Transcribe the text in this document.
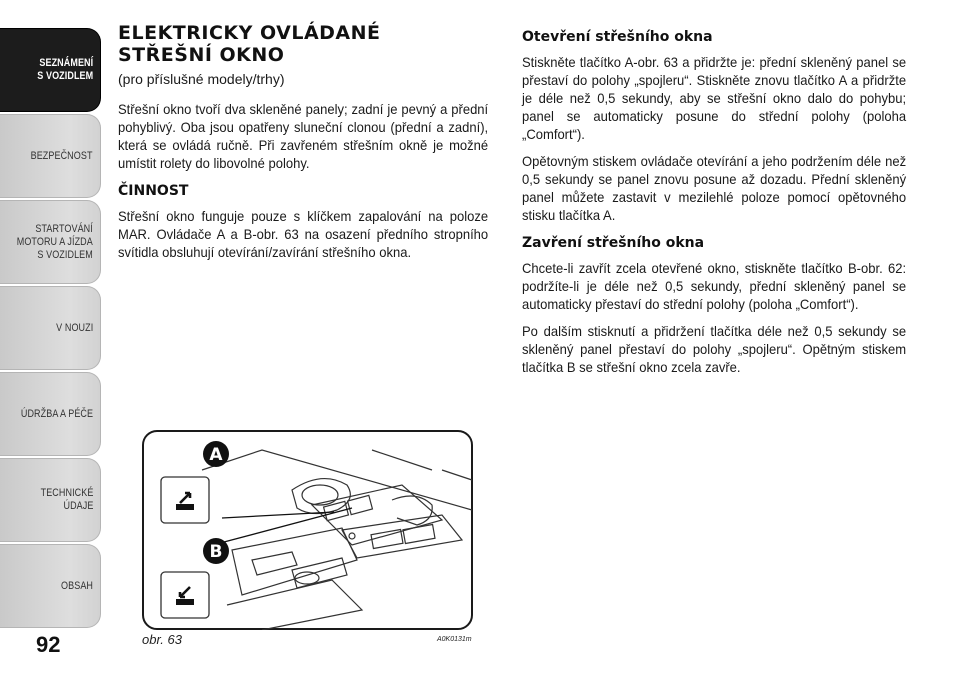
SEZNÁMENÍ
S VOZIDLEM
BEZPEČNOST
STARTOVÁNÍ
MOTORU A JÍZDA
S VOZIDLEM
V NOUZI
ÚDRŽBA A PÉČE
TECHNICKÉ
ÚDAJE
OBSAH
92
ELEKTRICKY OVLÁDANÉ
STŘEŠNÍ OKNO
(pro příslušné modely/trhy)

Střešní okno tvoří dva skleněné panely; zadní je pevný a přední pohyblivý. Oba jsou opatřeny sluneční clonou (přední a zadní), která se ovládá ručně. Při zavřeném střešním okně je možné umístit rolety do libovolné polohy.

ČINNOST

Střešní okno funguje pouze s klíčkem zapalování na poloze MAR. Ovládače A a B-obr. 63 na osazení předního stropního svítidla obsluhují otevírání/zavírání střešního okna.

Otevření střešního okna

Stiskněte tlačítko A-obr. 63 a přidržte je: přední skleněný panel se přestaví do polohy „spojleru“. Stiskněte znovu tlačítko A a přidržte je déle než 0,5 sekundy, aby se střešní okno dalo do pohybu; panel se automaticky posune do střední polohy (poloha „Comfort“).

Opětovným stiskem ovládače otevírání a jeho podržením déle než 0,5 sekundy se panel znovu posune až dozadu. Přední skleněný panel můžete zastavit v mezilehlé poloze pomocí opětovného stisku tlačítka A.

Zavření střešního okna

Chcete-li zavřít zcela otevřené okno, stiskněte tlačítko B-obr. 62: podržíte-li je déle než 0,5 sekundy, přední skleněný panel se automaticky přestaví do střední polohy (poloha „Comfort“).

Po dalším stisknutí a přidržení tlačítka déle než 0,5 sekundy se skleněný panel přestaví do polohy „spojleru“. Opětným stiskem tlačítka B se střešní okno zcela zavře.

A
B
obr. 63	A0K0131m
